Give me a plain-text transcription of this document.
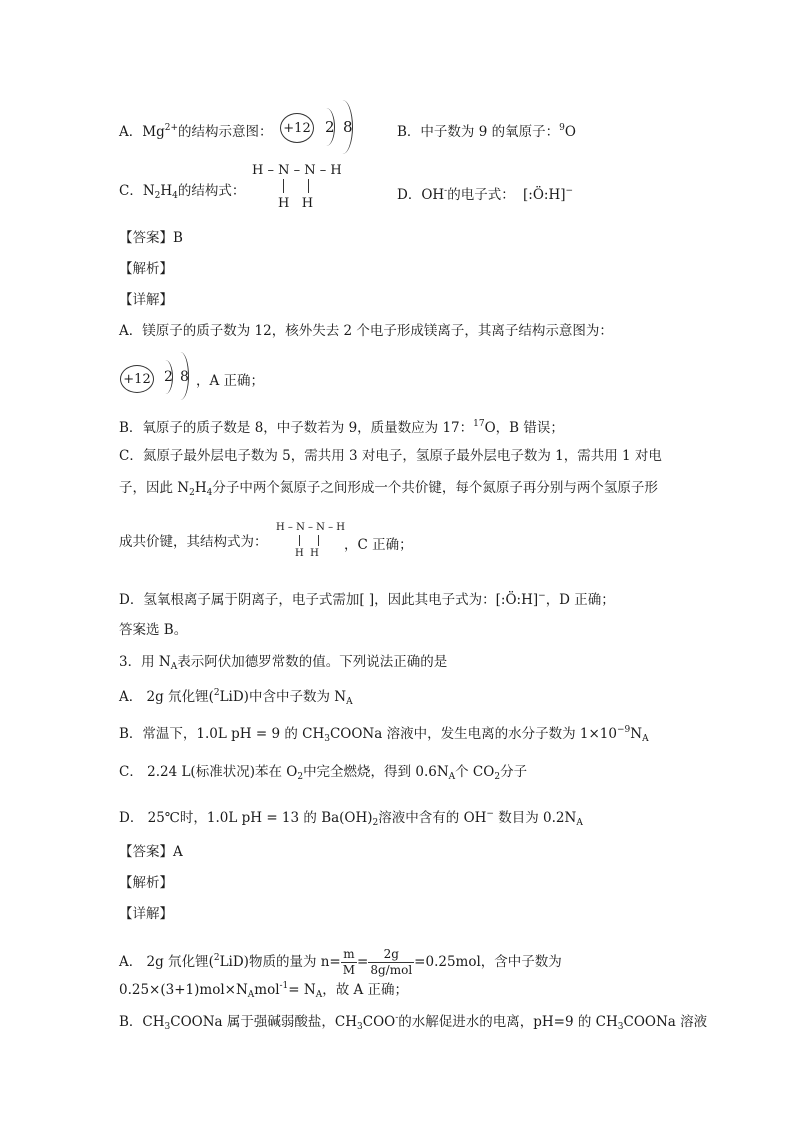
A．$Mg^{2+}$的结构示意图： +12 2 8	B．中子数为 9 的氧原子：$^9$O
C．$N_2H_4$的结构式：
H – N – N – H
H   H
D．OH-的电子式： [:Ö:H]−
【答案】B
【解析】
【详解】
A．镁原子的质子数为 12，核外失去 2 个电子形成镁离子，其离子结构示意图为：
+12 2 8 ，A 正确；
B．氧原子的质子数是 8，中子数若为 9，质量数应为 17：$^{17}$O，B 错误；
C．氮原子最外层电子数为 5，需共用 3 对电子，氢原子最外层电子数为 1，需共用 1 对电
子，因此 $N_2H_4$分子中两个氮原子之间形成一个共价键，每个氮原子再分别与两个氢原子形
成共价键，其结构式为：
H – N – N – H
H  H
，C 正确；
D．氢氧根离子属于阴离子，电子式需加[ ]，因此其电子式为：[:Ö:H]−，D 正确；
答案选 B。
3．用 $N_A$表示阿伏加德罗常数的值。下列说法正确的是
A． 2g 氘化锂($^2$LiD)中含中子数为 $N_A$
B．常温下，1.0L pH = 9 的 $CH_3COONa$ 溶液中，发生电离的水分子数为 $1\times 10^{-9}N_A$
C． 2.24 L(标准状况)苯在 $O_2$中完全燃烧，得到 $0.6N_A$个 $CO_2$分子
D． 25℃时，1.0L pH = 13 的 $Ba(OH)_2$溶液中含有的 OH− 数目为 $0.2N_A$
【答案】A
【解析】
【详解】
A． 2g 氘化锂($^2$LiD)物质的量为 $n= \frac{m}{M} = \frac{2g}{\text{8g/mol}} =0.25mol$，含中子数为
$0.25\times(3+1)mol\times N_Amol^{-1}= N_A$，故 A 正确；
B．$CH_3COONa$ 属于强碱弱酸盐，$CH_3COO^-$的水解促进水的电离，pH=9 的 $CH_3COONa$ 溶液
